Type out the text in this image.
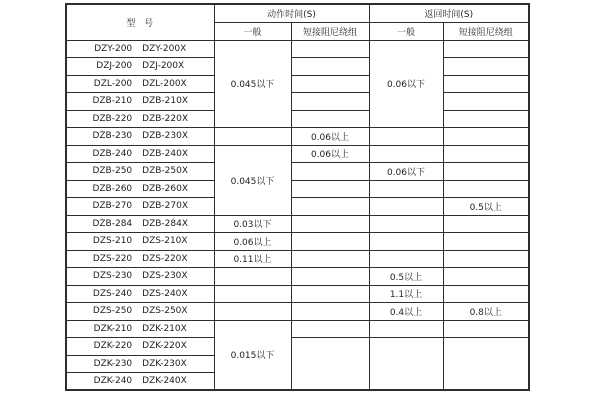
型  号	动作时间(S)		返回时间(S)	
	一般	短接阻尼绕组	一般	短接阻尼绕组
DZY-200 DZY-200X	0.045以下		0.06以下	
DZJ-200 DZJ-200X				
DZL-200 DZL-200X				
DZB-210 DZB-210X				
DZB-220 DZB-220X				
DZB-230 DZB-230X		0.06以上		
DZB-240 DZB-240X	0.045以下	0.06以上		
DZB-250 DZB-250X			0.06以下	
DZB-260 DZB-260X				
DZB-270 DZB-270X				0.5以上
DZB-284 DZB-284X	0.03以下			
DZS-210 DZS-210X	0.06以上			
DZS-220 DZS-220X	0.11以上			
DZS-230 DZS-230X			0.5以上	
DZS-240 DZS-240X			1.1以上	
DZS-250 DZS-250X			0.4以上	0.8以上
DZK-210 DZK-210X	0.015以下			
DZK-220 DZK-220X				
DZK-230 DZK-230X				
DZK-240 DZK-240X				
